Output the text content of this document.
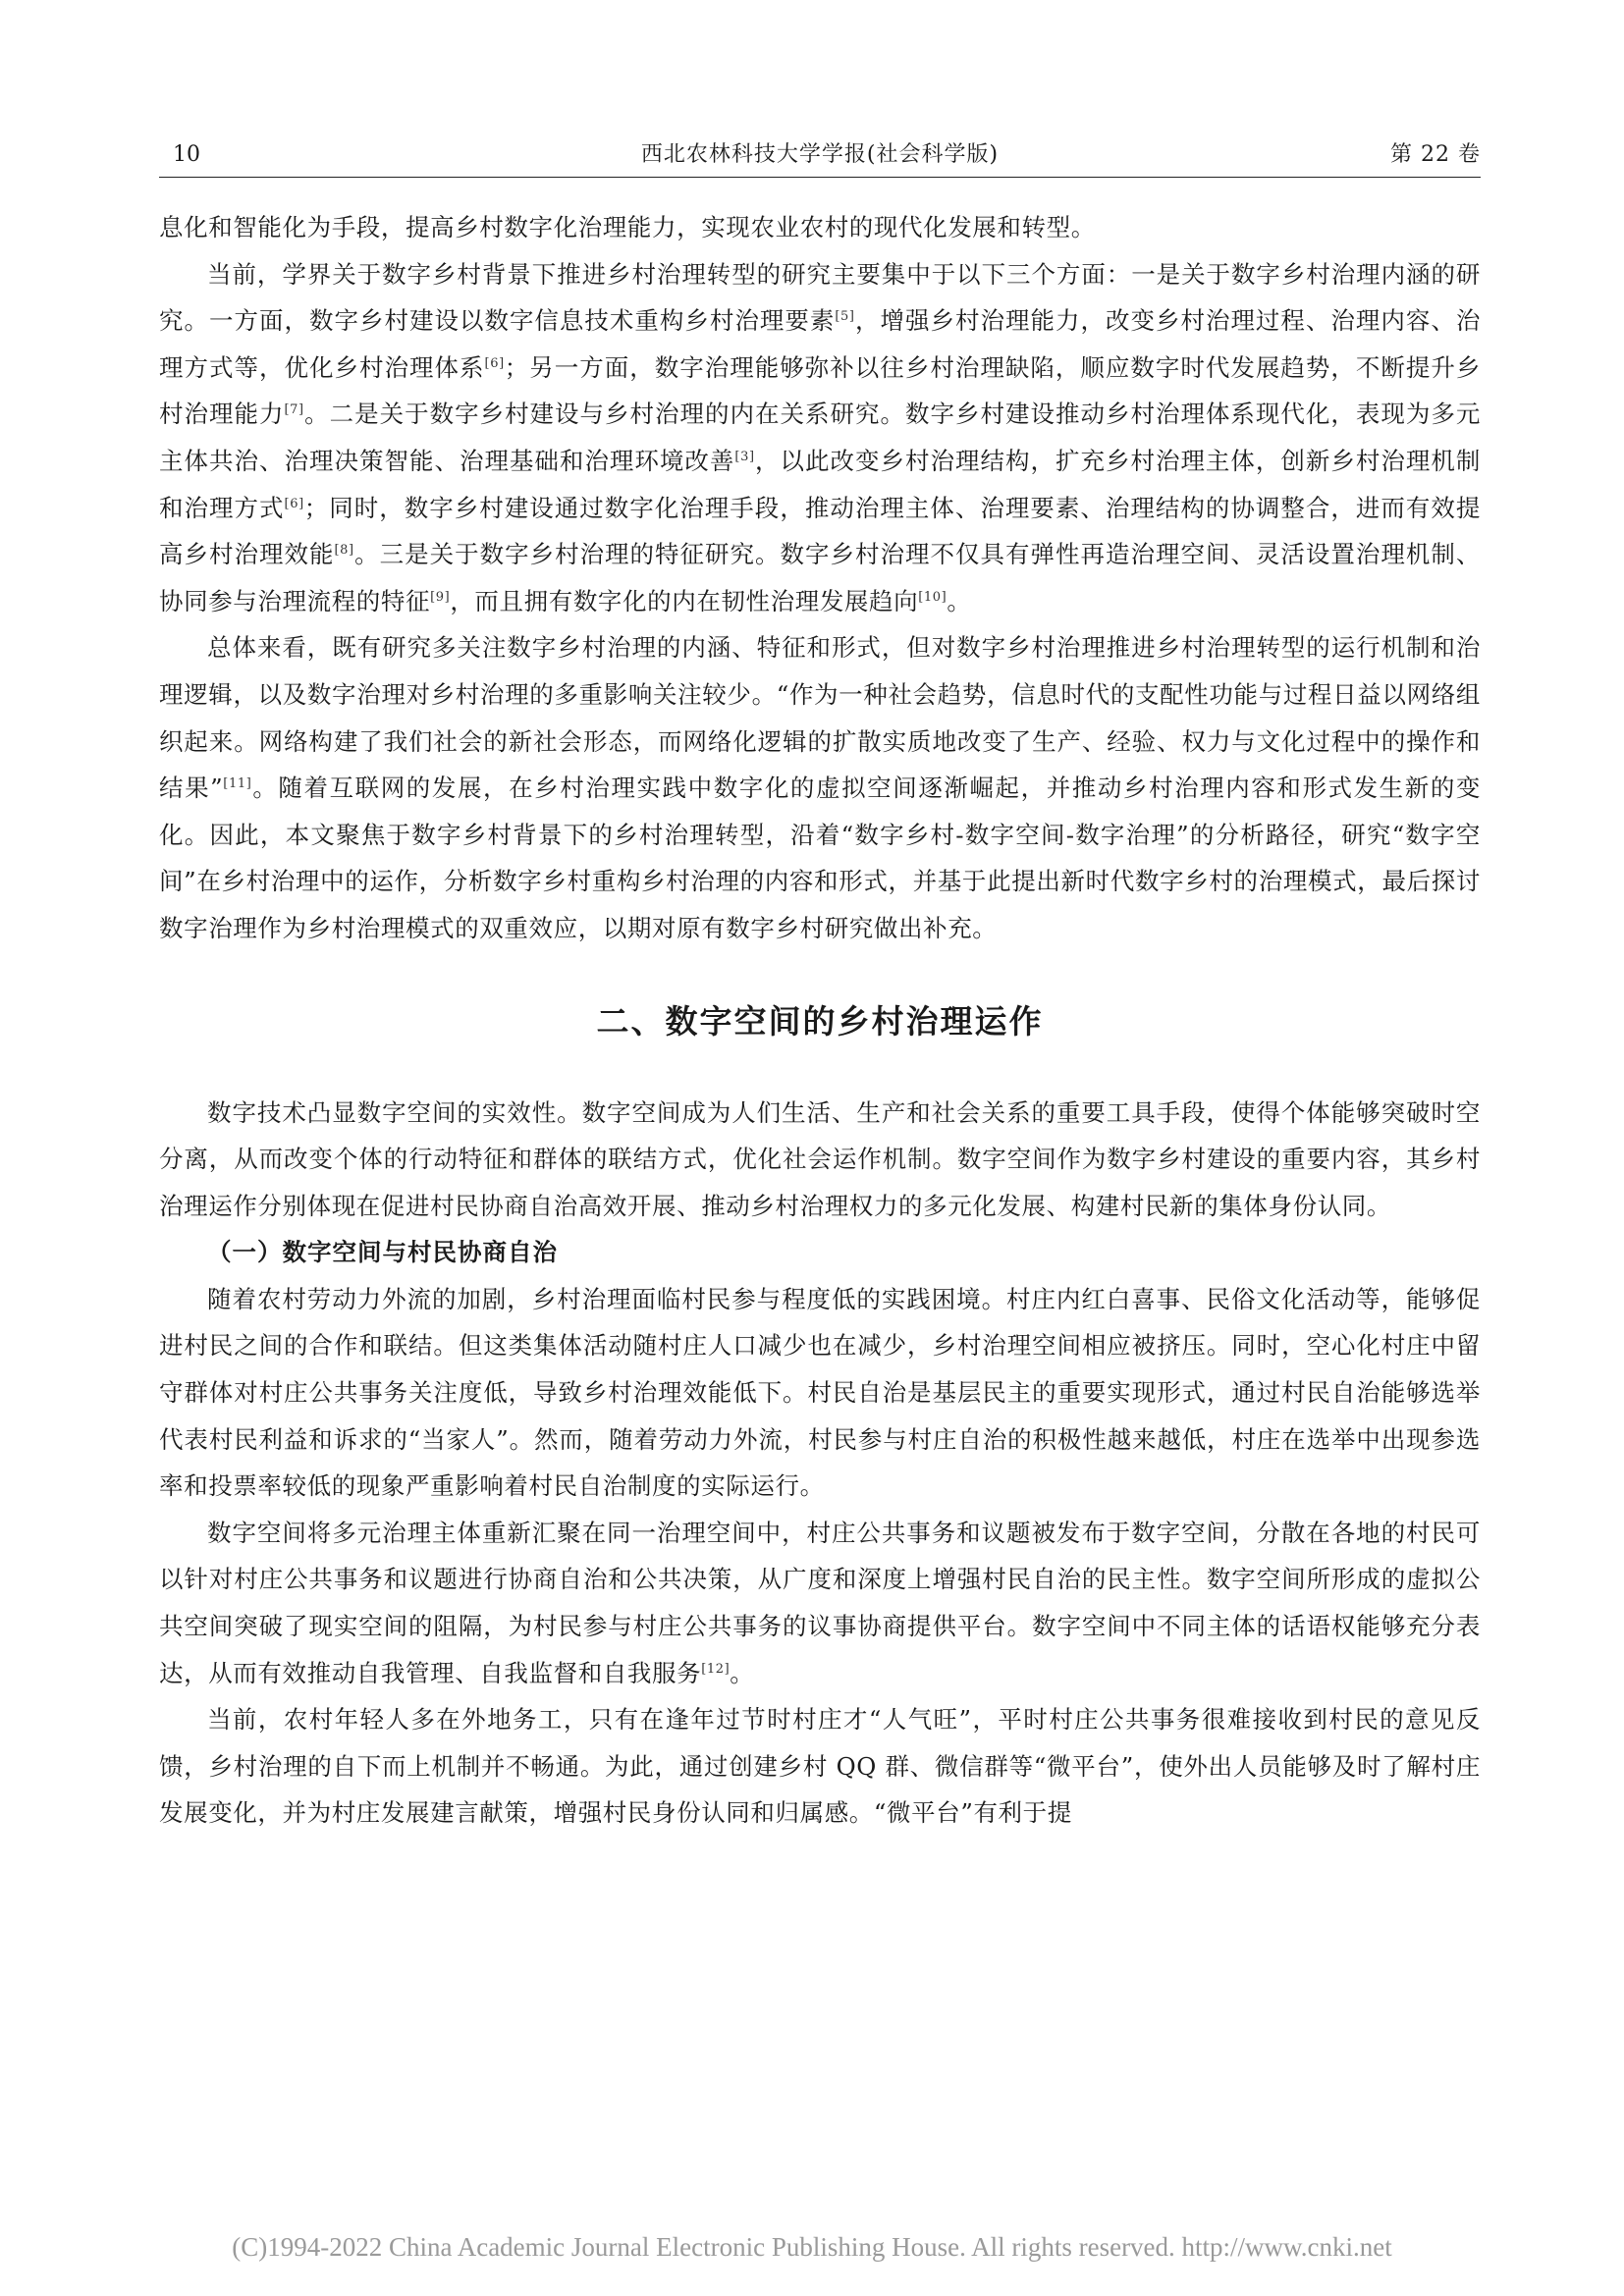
10	西北农林科技大学学报(社会科学版)	第 22 卷

息化和智能化为手段，提高乡村数字化治理能力，实现农业农村的现代化发展和转型。

当前，学界关于数字乡村背景下推进乡村治理转型的研究主要集中于以下三个方面：一是关于数字乡村治理内涵的研究。一方面，数字乡村建设以数字信息技术重构乡村治理要素[5]，增强乡村治理能力，改变乡村治理过程、治理内容、治理方式等，优化乡村治理体系[6]；另一方面，数字治理能够弥补以往乡村治理缺陷，顺应数字时代发展趋势，不断提升乡村治理能力[7]。二是关于数字乡村建设与乡村治理的内在关系研究。数字乡村建设推动乡村治理体系现代化，表现为多元主体共治、治理决策智能、治理基础和治理环境改善[3]，以此改变乡村治理结构，扩充乡村治理主体，创新乡村治理机制和治理方式[6]；同时，数字乡村建设通过数字化治理手段，推动治理主体、治理要素、治理结构的协调整合，进而有效提高乡村治理效能[8]。三是关于数字乡村治理的特征研究。数字乡村治理不仅具有弹性再造治理空间、灵活设置治理机制、协同参与治理流程的特征[9]，而且拥有数字化的内在韧性治理发展趋向[10]。

总体来看，既有研究多关注数字乡村治理的内涵、特征和形式，但对数字乡村治理推进乡村治理转型的运行机制和治理逻辑，以及数字治理对乡村治理的多重影响关注较少。“作为一种社会趋势，信息时代的支配性功能与过程日益以网络组织起来。网络构建了我们社会的新社会形态，而网络化逻辑的扩散实质地改变了生产、经验、权力与文化过程中的操作和结果”[11]。随着互联网的发展，在乡村治理实践中数字化的虚拟空间逐渐崛起，并推动乡村治理内容和形式发生新的变化。因此，本文聚焦于数字乡村背景下的乡村治理转型，沿着“数字乡村-数字空间-数字治理”的分析路径，研究“数字空间”在乡村治理中的运作，分析数字乡村重构乡村治理的内容和形式，并基于此提出新时代数字乡村的治理模式，最后探讨数字治理作为乡村治理模式的双重效应，以期对原有数字乡村研究做出补充。

二、数字空间的乡村治理运作

数字技术凸显数字空间的实效性。数字空间成为人们生活、生产和社会关系的重要工具手段，使得个体能够突破时空分离，从而改变个体的行动特征和群体的联结方式，优化社会运作机制。数字空间作为数字乡村建设的重要内容，其乡村治理运作分别体现在促进村民协商自治高效开展、推动乡村治理权力的多元化发展、构建村民新的集体身份认同。

（一）数字空间与村民协商自治

随着农村劳动力外流的加剧，乡村治理面临村民参与程度低的实践困境。村庄内红白喜事、民俗文化活动等，能够促进村民之间的合作和联结。但这类集体活动随村庄人口减少也在减少，乡村治理空间相应被挤压。同时，空心化村庄中留守群体对村庄公共事务关注度低，导致乡村治理效能低下。村民自治是基层民主的重要实现形式，通过村民自治能够选举代表村民利益和诉求的“当家人”。然而，随着劳动力外流，村民参与村庄自治的积极性越来越低，村庄在选举中出现参选率和投票率较低的现象严重影响着村民自治制度的实际运行。

数字空间将多元治理主体重新汇聚在同一治理空间中，村庄公共事务和议题被发布于数字空间，分散在各地的村民可以针对村庄公共事务和议题进行协商自治和公共决策，从广度和深度上增强村民自治的民主性。数字空间所形成的虚拟公共空间突破了现实空间的阻隔，为村民参与村庄公共事务的议事协商提供平台。数字空间中不同主体的话语权能够充分表达，从而有效推动自我管理、自我监督和自我服务[12]。

当前，农村年轻人多在外地务工，只有在逢年过节时村庄才“人气旺”，平时村庄公共事务很难接收到村民的意见反馈，乡村治理的自下而上机制并不畅通。为此，通过创建乡村 QQ 群、微信群等“微平台”，使外出人员能够及时了解村庄发展变化，并为村庄发展建言献策，增强村民身份认同和归属感。“微平台”有利于提

(C)1994-2022 China Academic Journal Electronic Publishing House. All rights reserved. http://www.cnki.net
